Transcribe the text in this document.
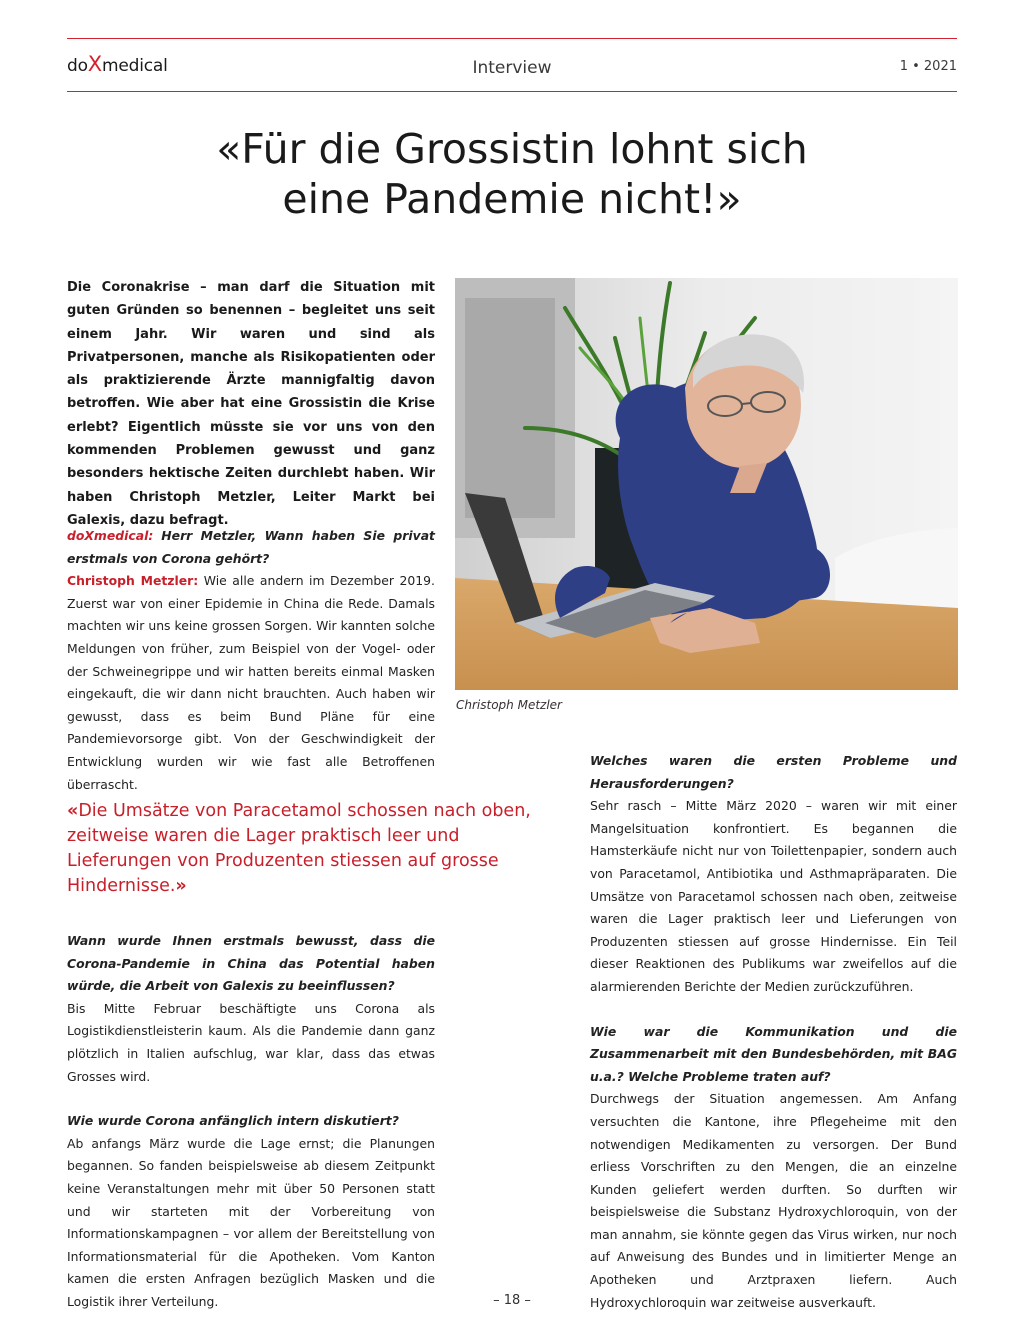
doXmedical	Interview	1 • 2021
«Für die Grossistin lohnt sich
eine Pandemie nicht!»
Die Coronakrise – man darf die Situation mit guten Gründen so benennen – begleitet uns seit einem Jahr. Wir waren und sind als Privatpersonen, manche als Risikopatienten oder als praktizierende Ärzte mannigfaltig davon betroffen. Wie aber hat eine Grossistin die Krise erlebt? Eigentlich müsste sie vor uns von den kommenden Problemen gewusst und ganz besonders hektische Zeiten durchlebt haben. Wir haben Christoph Metzler, Leiter Markt bei Galexis, dazu befragt.

doXmedical: Herr Metzler, Wann haben Sie privat erstmals von Corona gehört?

Christoph Metzler: Wie alle andern im Dezember 2019. Zuerst war von einer Epidemie in China die Rede. Damals machten wir uns keine grossen Sorgen. Wir kannten solche Meldungen von früher, zum Beispiel von der Vogel- oder der Schweinegrippe und wir hatten bereits einmal Masken eingekauft, die wir dann nicht brauchten. Auch haben wir gewusst, dass es beim Bund Pläne für eine Pandemievorsorge gibt. Von der Geschwindigkeit der Entwicklung wurden wir wie fast alle Betroffenen überrascht.

Christoph Metzler
«Die Umsätze von Paracetamol schossen nach oben, zeitweise waren die Lager praktisch leer und Lieferungen von Produzenten stiessen auf grosse Hindernisse.»

Wann wurde Ihnen erstmals bewusst, dass die Corona-Pandemie in China das Potential haben würde, die Arbeit von Galexis zu beeinflussen?

Bis Mitte Februar beschäftigte uns Corona als Logistikdienstleisterin kaum. Als die Pandemie dann ganz plötzlich in Italien aufschlug, war klar, dass das etwas Grosses wird.

Wie wurde Corona anfänglich intern diskutiert?

Ab anfangs März wurde die Lage ernst; die Planungen begannen. So fanden beispielsweise ab diesem Zeitpunkt keine Veranstaltungen mehr mit über 50 Personen statt und wir starteten mit der Vorbereitung von Informationskampagnen – vor allem der Bereitstellung von Informationsmaterial für die Apotheken. Vom Kanton kamen die ersten Anfragen bezüglich Masken und die Logistik ihrer Verteilung.

Welches waren die ersten Probleme und Herausforderungen?

Sehr rasch – Mitte März 2020 – waren wir mit einer Mangelsituation konfrontiert. Es begannen die Hamsterkäufe nicht nur von Toilettenpapier, sondern auch von Paracetamol, Antibiotika und Asthmapräparaten. Die Umsätze von Paracetamol schossen nach oben, zeitweise waren die Lager praktisch leer und Lieferungen von Produzenten stiessen auf grosse Hindernisse. Ein Teil dieser Reaktionen des Publikums war zweifellos auf die alarmierenden Berichte der Medien zurückzuführen.

Wie war die Kommunikation und die Zusammenarbeit mit den Bundesbehörden, mit BAG u.a.? Welche Probleme traten auf?

Durchwegs der Situation angemessen. Am Anfang versuchten die Kantone, ihre Pflegeheime mit den notwendigen Medikamenten zu versorgen. Der Bund erliess Vorschriften zu den Mengen, die an einzelne Kunden geliefert werden durften. So durften wir beispielsweise die Substanz Hydroxychloroquin, von der man annahm, sie könnte gegen das Virus wirken, nur noch auf Anweisung des Bundes und in limitierter Menge an Apotheken und Arztpraxen liefern. Auch Hydroxychloroquin war zeitweise ausverkauft.

– 18 –
